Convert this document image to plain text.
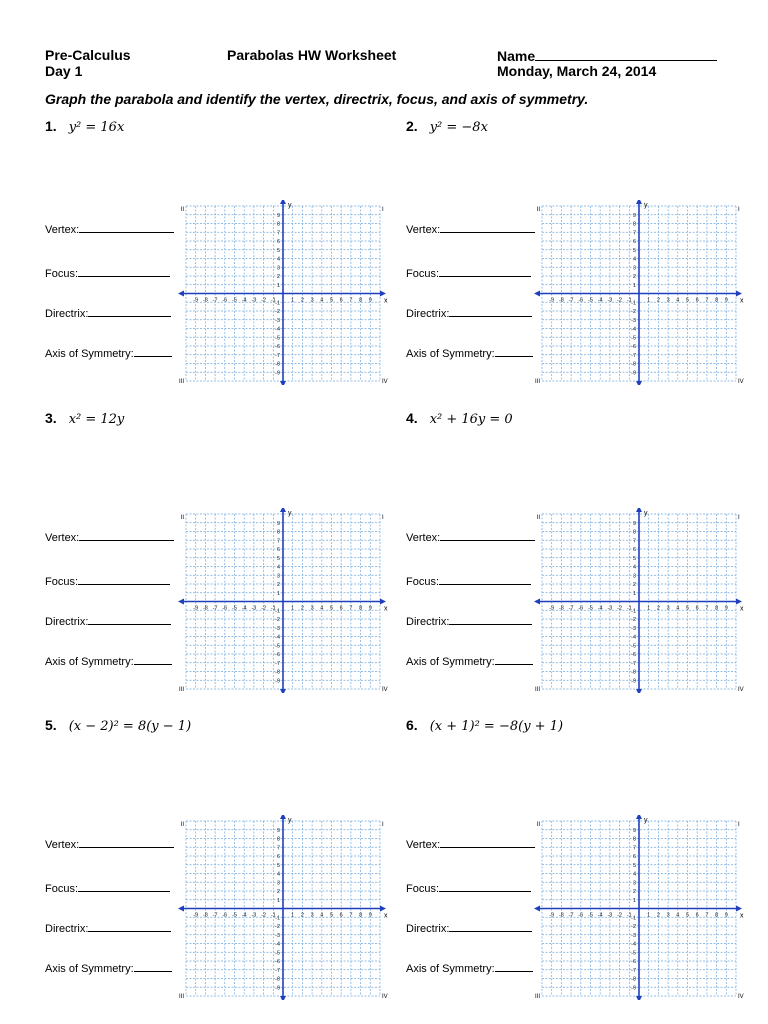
Pre-Calculus
Day 1
Parabolas HW Worksheet	Name
Monday, March 24, 2014
Graph the parabola and identify the vertex, directrix, focus, and axis of symmetry.
1. y² = 16x	2. y² = −8x
3. x² = 12y	4. x² + 16y = 0
5. (x − 2)² = 8(y − 1)	6. (x + 1)² = −8(y + 1)
Vertex:
Focus:
Directrix:
Axis of Symmetry:
Vertex:
Focus:
Directrix:
Axis of Symmetry:
Vertex:
Focus:
Directrix:
Axis of Symmetry:
Vertex:
Focus:
Directrix:
Axis of Symmetry:
Vertex:
Focus:
Directrix:
Axis of Symmetry:
Vertex:
Focus:
Directrix:
Axis of Symmetry:
-9 -8 -7 -6 -5 -4 -3 -2 -1	1 2 3 4 5 6 7 8 9
9
8
7
6
5
4
3
2
1
-1
-2
-3
-4
-5
-6
-7
-8
-9
x
y
I
II
III	IV
-9 -8 -7 -6 -5 -4 -3 -2 -1	1 2 3 4 5 6 7 8 9
9
8
7
6
5
4
3
2
1
-1
-2
-3
-4
-5
-6
-7
-8
-9
x
y
I
II
III	IV
-9 -8 -7 -6 -5 -4 -3 -2 -1	1 2 3 4 5 6 7 8 9
9
8
7
6
5
4
3
2
1
-1
-2
-3
-4
-5
-6
-7
-8
-9
x
y
I
II
III	IV
-9 -8 -7 -6 -5 -4 -3 -2 -1	1 2 3 4 5 6 7 8 9
9
8
7
6
5
4
3
2
1
-1
-2
-3
-4
-5
-6
-7
-8
-9
x
y
I
II
III	IV
-9 -8 -7 -6 -5 -4 -3 -2 -1	1 2 3 4 5 6 7 8 9
9
8
7
6
5
4
3
2
1
-1
-2
-3
-4
-5
-6
-7
-8
-9
x
y
I
II
III	IV
-9 -8 -7 -6 -5 -4 -3 -2 -1	1 2 3 4 5 6 7 8 9
9
8
7
6
5
4
3
2
1
-1
-2
-3
-4
-5
-6
-7
-8
-9
x
y
I
II
III	IV
